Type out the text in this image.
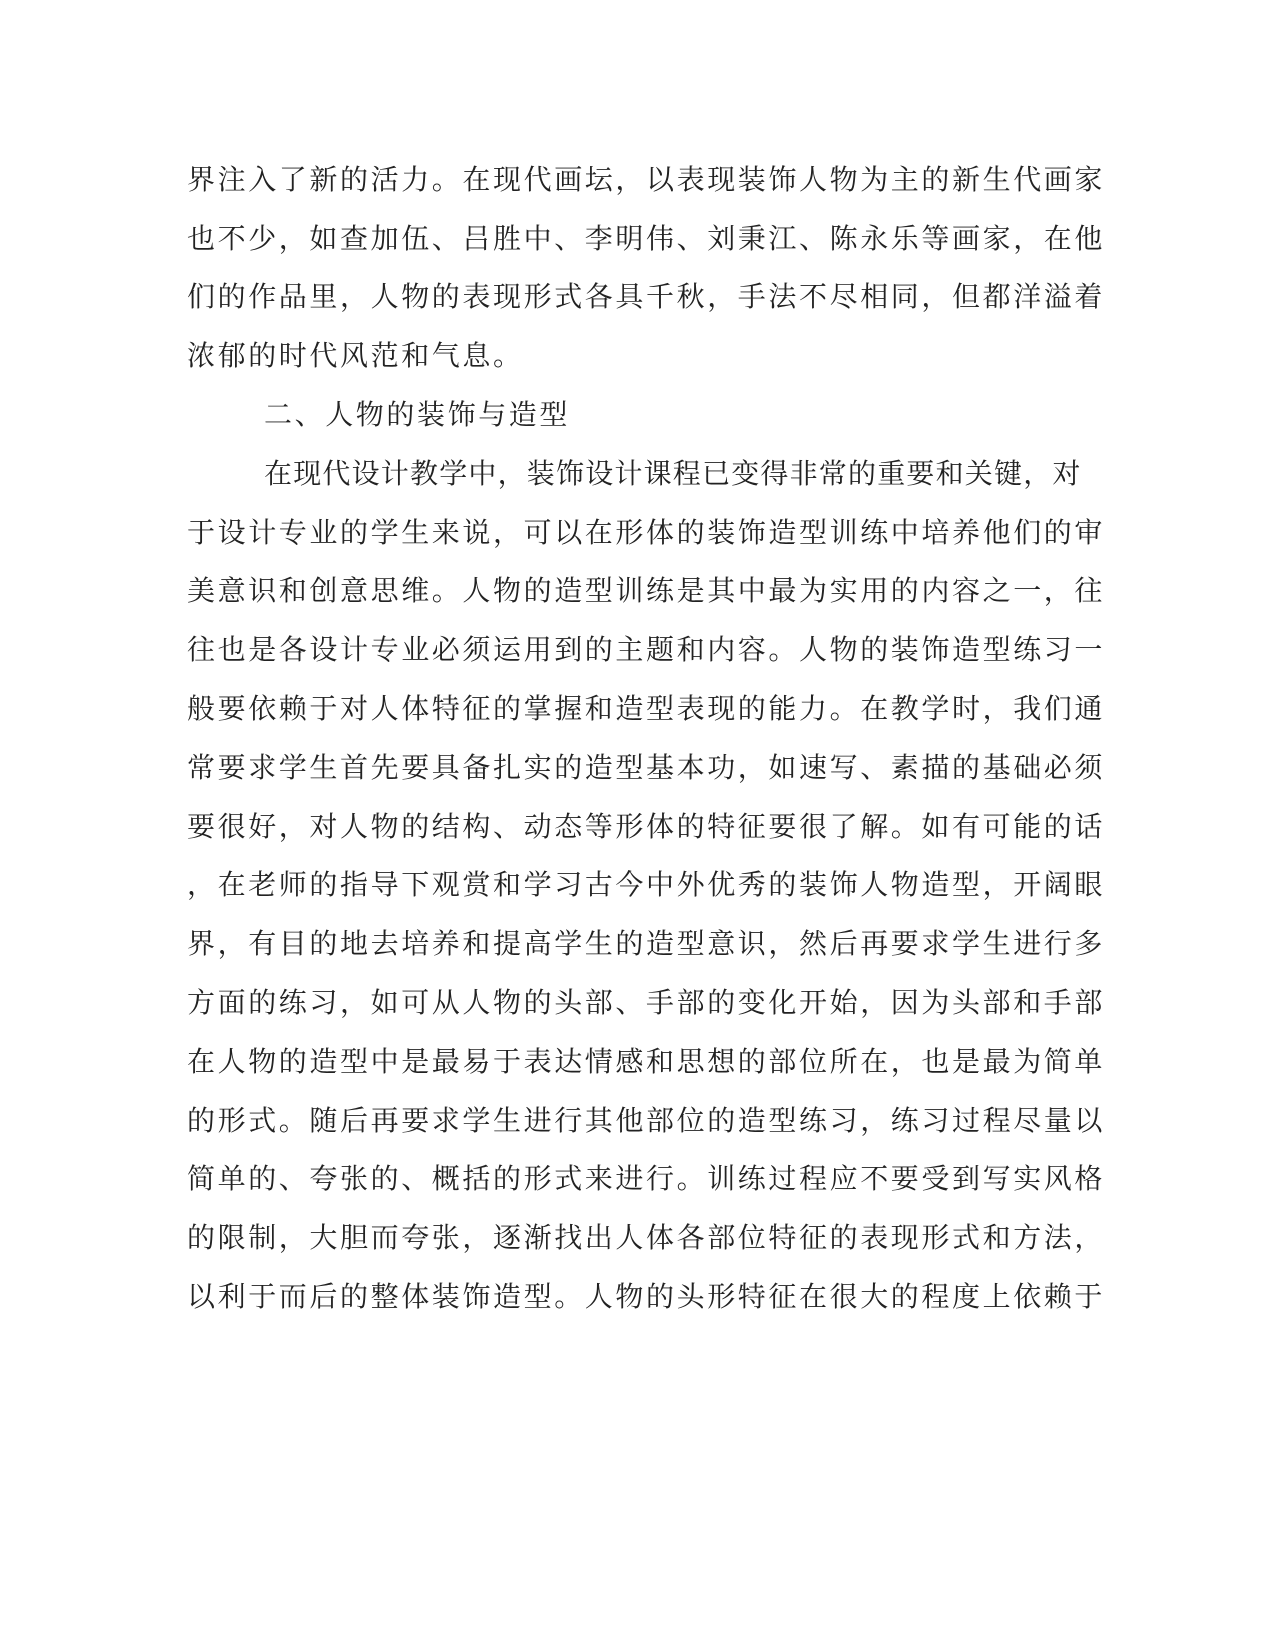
界注入了新的活力。在现代画坛，以表现装饰人物为主的新生代画家
也不少，如查加伍、吕胜中、李明伟、刘秉江、陈永乐等画家，在他
们的作品里，人物的表现形式各具千秋，手法不尽相同，但都洋溢着
浓郁的时代风范和气息。
二、人物的装饰与造型
在现代设计教学中，装饰设计课程已变得非常的重要和关键，对
于设计专业的学生来说，可以在形体的装饰造型训练中培养他们的审
美意识和创意思维。人物的造型训练是其中最为实用的内容之一，往
往也是各设计专业必须运用到的主题和内容。人物的装饰造型练习一
般要依赖于对人体特征的掌握和造型表现的能力。在教学时，我们通
常要求学生首先要具备扎实的造型基本功，如速写、素描的基础必须
要很好，对人物的结构、动态等形体的特征要很了解。如有可能的话
，在老师的指导下观赏和学习古今中外优秀的装饰人物造型，开阔眼
界，有目的地去培养和提高学生的造型意识，然后再要求学生进行多
方面的练习，如可从人物的头部、手部的变化开始，因为头部和手部
在人物的造型中是最易于表达情感和思想的部位所在，也是最为简单
的形式。随后再要求学生进行其他部位的造型练习，练习过程尽量以
简单的、夸张的、概括的形式来进行。训练过程应不要受到写实风格
的限制，大胆而夸张，逐渐找出人体各部位特征的表现形式和方法，
以利于而后的整体装饰造型。人物的头形特征在很大的程度上依赖于
